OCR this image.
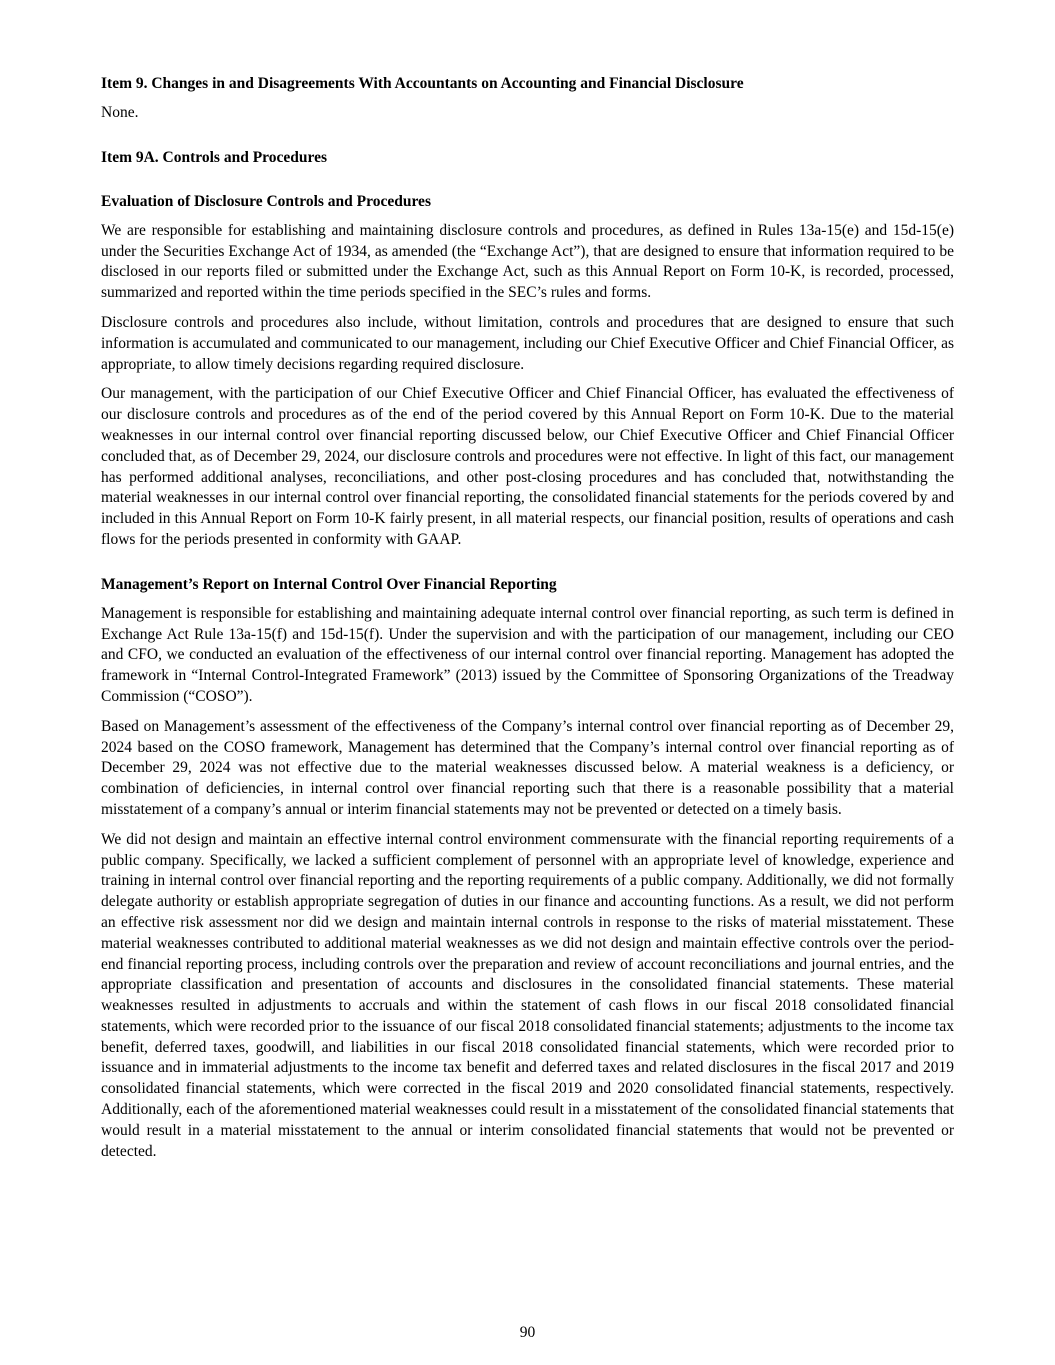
Item 9. Changes in and Disagreements With Accountants on Accounting and Financial Disclosure

None.

Item 9A. Controls and Procedures

Evaluation of Disclosure Controls and Procedures

We are responsible for establishing and maintaining disclosure controls and procedures, as defined in Rules 13a-15(e) and 15d-15(e) under the Securities Exchange Act of 1934, as amended (the “Exchange Act”), that are designed to ensure that information required to be disclosed in our reports filed or submitted under the Exchange Act, such as this Annual Report on Form 10-K, is recorded, processed, summarized and reported within the time periods specified in the SEC’s rules and forms.

Disclosure controls and procedures also include, without limitation, controls and procedures that are designed to ensure that such information is accumulated and communicated to our management, including our Chief Executive Officer and Chief Financial Officer, as appropriate, to allow timely decisions regarding required disclosure.

Our management, with the participation of our Chief Executive Officer and Chief Financial Officer, has evaluated the effectiveness of our disclosure controls and procedures as of the end of the period covered by this Annual Report on Form 10-K. Due to the material weaknesses in our internal control over financial reporting discussed below, our Chief Executive Officer and Chief Financial Officer concluded that, as of December 29, 2024, our disclosure controls and procedures were not effective. In light of this fact, our management has performed additional analyses, reconciliations, and other post-closing procedures and has concluded that, notwithstanding the material weaknesses in our internal control over financial reporting, the consolidated financial statements for the periods covered by and included in this Annual Report on Form 10-K fairly present, in all material respects, our financial position, results of operations and cash flows for the periods presented in conformity with GAAP.

Management’s Report on Internal Control Over Financial Reporting

Management is responsible for establishing and maintaining adequate internal control over financial reporting, as such term is defined in Exchange Act Rule 13a-15(f) and 15d-15(f). Under the supervision and with the participation of our management, including our CEO and CFO, we conducted an evaluation of the effectiveness of our internal control over financial reporting. Management has adopted the framework in “Internal Control-Integrated Framework” (2013) issued by the Committee of Sponsoring Organizations of the Treadway Commission (“COSO”).

Based on Management’s assessment of the effectiveness of the Company’s internal control over financial reporting as of December 29, 2024 based on the COSO framework, Management has determined that the Company’s internal control over financial reporting as of December 29, 2024 was not effective due to the material weaknesses discussed below. A material weakness is a deficiency, or combination of deficiencies, in internal control over financial reporting such that there is a reasonable possibility that a material misstatement of a company’s annual or interim financial statements may not be prevented or detected on a timely basis.

We did not design and maintain an effective internal control environment commensurate with the financial reporting requirements of a public company. Specifically, we lacked a sufficient complement of personnel with an appropriate level of knowledge, experience and training in internal control over financial reporting and the reporting requirements of a public company. Additionally, we did not formally delegate authority or establish appropriate segregation of duties in our finance and accounting functions. As a result, we did not perform an effective risk assessment nor did we design and maintain internal controls in response to the risks of material misstatement. These material weaknesses contributed to additional material weaknesses as we did not design and maintain effective controls over the period-end financial reporting process, including controls over the preparation and review of account reconciliations and journal entries, and the appropriate classification and presentation of accounts and disclosures in the consolidated financial statements. These material weaknesses resulted in adjustments to accruals and within the statement of cash flows in our fiscal 2018 consolidated financial statements, which were recorded prior to the issuance of our fiscal 2018 consolidated financial statements; adjustments to the income tax benefit, deferred taxes, goodwill, and liabilities in our fiscal 2018 consolidated financial statements, which were recorded prior to issuance and in immaterial adjustments to the income tax benefit and deferred taxes and related disclosures in the fiscal 2017 and 2019 consolidated financial statements, which were corrected in the fiscal 2019 and 2020 consolidated financial statements, respectively. Additionally, each of the aforementioned material weaknesses could result in a misstatement of the consolidated financial statements that would result in a material misstatement to the annual or interim consolidated financial statements that would not be prevented or detected.

90
